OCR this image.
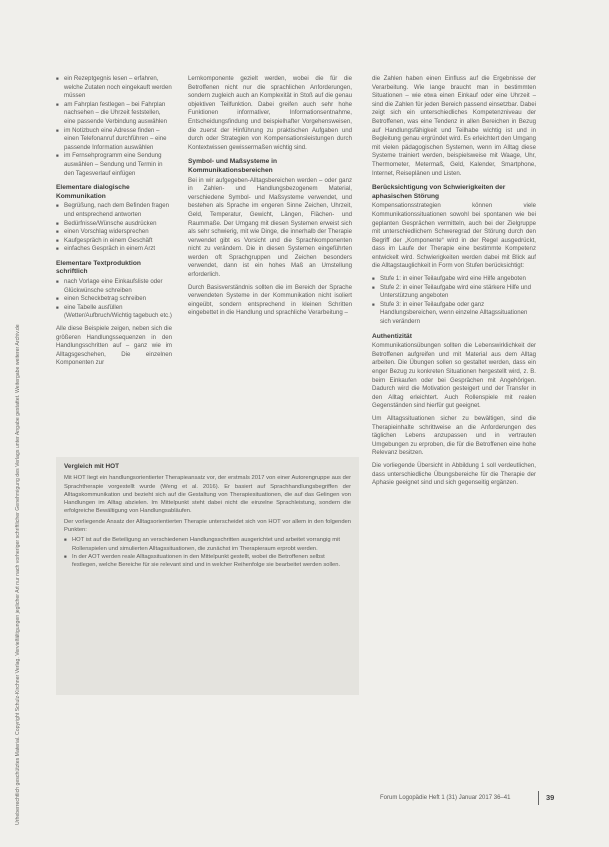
Urheberrechtlich geschütztes Material. Copyright Schulz-Kirchner Verlag. Vervielfältigungen jeglicher Art nur nach vorheriger schriftlicher Genehmigung des Verlags unter Angabe gestattet. Weitergabe weiterer Archiv.de
■ ein Rezeptgegnis lesen – erfahren, welche Zutaten noch eingekauft werden müssen
■ am Fahrplan festlegen – bei Fahrplan nachsehen – die Uhrzeit feststellen, eine passende Verbindung auswählen
■ im Notizbuch eine Adresse finden – einen Telefonanruf durchführen – eine passende Information auswählen
■ im Fernsehprogramm eine Sendung auswählen – Sendung und Termin in den Tagesverlauf einfügen
Elementare dialogische Kommunikation
■ Begrüßung, nach dem Befinden fragen und entsprechend antworten
■ Bedürfnisse/Wünsche ausdrücken
■ einen Vorschlag widersprechen
■ Kaufgespräch in einem Geschäft
■ einfaches Gespräch in einem Arzt
Elementare Textproduktion schriftlich
■ nach Vorlage eine Einkaufsliste oder Glückwünsche schreiben
■ einen Scheckbetrag schreiben
■ eine Tabelle ausfüllen (Wetter/Aufbruch/Wichtig tagebuch etc.)

Alle diese Beispiele zeigen, neben sich die größeren Handlungssequenzen in den Handlungsschritten auf – ganz wie im Alltagsgeschehen, Die einzelnen Komponenten zur

Lernkomponente gezielt werden, wobei die für die Betroffenen nicht nur die sprachlichen Anforderungen, sondern zugleich auch an Komplexität in Stoß auf die genau objektiven Teilfunktion. Dabei greifen auch sehr hohe Funktionen informativer, Informationsentnahme, Entscheidungsfindung und beispielhafter Vorgehensweisen, die zuerst der Hinführung zu praktischen Aufgaben und durch oder Strategien von Kompensationsleistungen durch Kontextwissen gewissermaßen wichtig sind.

Symbol- und Maßsysteme in Kommunikationsbereichen

Bei in wir aufgegeben-Alltagsbereichen werden – oder ganz in Zahlen- und Handlungsbezogenem Material, verschiedene Symbol- und Maßsysteme verwendet, und bestehen als Sprache im engeren Sinne Zeichen, Uhrzeit, Geld, Temperatur, Gewicht, Längen, Flächen- und Raummaße. Der Umgang mit diesen Systemen erweist sich als sehr schwierig, mit wie Dinge, die innerhalb der Therapie verwendet gibt es Vorsicht und die Sprachkomponenten nicht zu verändern. Die in diesen Systemen eingeführten werden oft Sprachgruppen und Zeichen besonders verwendet, dann ist ein hohes Maß an Umstellung erforderlich.

Durch Basisverständnis sollten die im Bereich der Sprache verwendeten Systeme in der Kommunikation nicht isoliert eingeübt, sondern entsprechend in kleinen Schritten eingebettet in die Handlung und sprachliche Verarbeitung –

die Zahlen haben einen Einfluss auf die Ergebnisse der Verarbeitung. Wie lange braucht man in bestimmten Situationen – wie etwa einen Einkauf oder eine Uhrzeit – sind die Zahlen für jeden Bereich passend einsetzbar. Dabei zeigt sich ein unterschiedliches Kompetenzniveau der Betroffenen, was eine Tendenz in allen Bereichen in Bezug auf Handlungsfähigkeit und Teilhabe wichtig ist und in Begleitung genau ergründet wird. Es erleichtert den Umgang mit vielen pädagogischen Systemen, wenn im Alltag diese Systeme trainiert werden, beispielsweise mit Waage, Uhr, Thermometer, Metermaß, Geld, Kalender, Smartphone, Internet, Reiseplänen und Listen.

Berücksichtigung von Schwierigkeiten der aphasischen Störung

Kompensationsstrategien können viele Kommunikationssituationen sowohl bei spontanen wie bei geplanten Gesprächen vermitteln, auch bei der Zielgruppe mit unterschiedlichem Schweregrad der Störung durch den Begriff der „Komponente“ wird in der Regel ausgedrückt, dass im Laufe der Therapie eine bestimmte Kompetenz entwickelt wird. Schwierigkeiten werden dabei mit Blick auf die Alltagstauglichkeit in Form von Stufen berücksichtigt:

■ Stufe 1: in einer Teilaufgabe wird eine Hilfe angeboten
■ Stufe 2: in einer Teilaufgabe wird eine stärkere Hilfe und Unterstützung angeboten
■ Stufe 3: in einer Teilaufgabe oder ganz Handlungsbereichen, wenn einzelne Alltagssituationen sich verändern
Authentizität

Kommunikationsübungen sollten die Lebenswirklichkeit der Betroffenen aufgreifen und mit Material aus dem Alltag arbeiten. Die Übungen sollen so gestaltet werden, dass ein enger Bezug zu konkreten Situationen hergestellt wird, z. B. beim Einkaufen oder bei Gesprächen mit Angehörigen. Dadurch wird die Motivation gesteigert und der Transfer in den Alltag erleichtert. Auch Rollenspiele mit realen Gegenständen sind hierfür gut geeignet.

Um Alltagssituationen sicher zu bewältigen, sind die Therapieinhalte schrittweise an die Anforderungen des täglichen Lebens anzupassen und in vertrauten Umgebungen zu erproben, die für die Betroffenen eine hohe Relevanz besitzen.

Die vorliegende Übersicht in Abbildung 1 soll verdeutlichen, dass unterschiedliche Übungsbereiche für die Therapie der Aphasie geeignet sind und sich gegenseitig ergänzen.

Vergleich mit HOT

Mit HOT liegt ein handlungsorientierter Therapieansatz vor, der erstmals 2017 von einer Autorengruppe aus der Sprachtherapie vorgestellt wurde (Weng et al. 2016). Er basiert auf Sprachhandlungsbegriffen der Alltagskommunikation und bezieht sich auf die Gestaltung von Therapiesituationen, die auf das Gelingen von Handlungen im Alltag abzielen. Im Mittelpunkt steht dabei nicht die einzelne Sprachleistung, sondern die erfolgreiche Bewältigung von Handlungsabläufen.

Der vorliegende Ansatz der Alltagsorientierten Therapie unterscheidet sich von HOT vor allem in den folgenden Punkten:

■ HOT ist auf die Beteiligung an verschiedenen Handlungsschritten ausgerichtet und arbeitet vorrangig mit Rollenspielen und simulierten Alltagssituationen, die zunächst im Therapieraum erprobt werden.
■ In der AOT werden reale Alltagssituationen in den Mittelpunkt gestellt, wobei die Betroffenen selbst festlegen, welche Bereiche für sie relevant sind und in welcher Reihenfolge sie bearbeitet werden sollen.
Forum Logopädie Heft 1 (31) Januar 2017 36–41	39
